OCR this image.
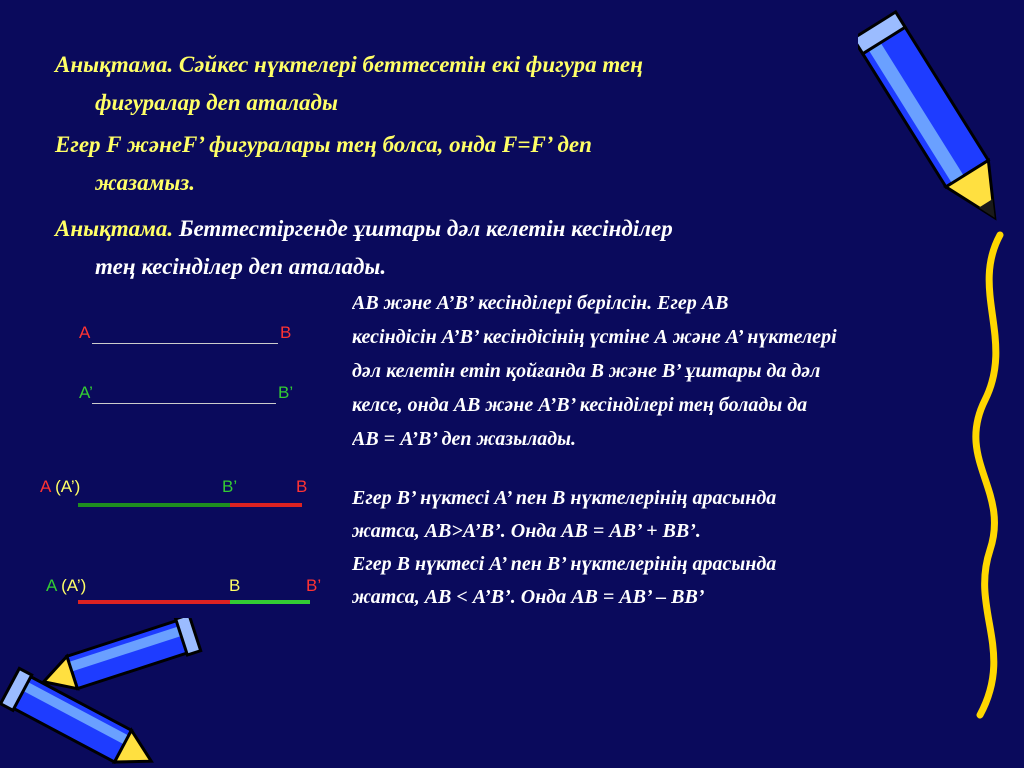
Анықтама. Сәйкес нүктелері беттесетін екі фигура тең
фигуралар деп аталады
Егер F жәнеF’ фигуралары тең болса, онда F=F’ деп
жазамыз.
Анықтама. Беттестіргенде ұштары дәл келетін кесінділер
тең кесінділер деп аталады.
АВ және А’В’ кесінділері берілсін. Егер АВ
кесіндісін А’В’ кесіндісінің үстіне А және А’ нүктелері
дәл келетін етіп қойғанда В және В’ ұштары да дәл
келсе, онда АВ және А’В’ кесінділері тең болады да
АВ = А’В’ деп жазылады.
Егер В’ нүктесі А’ пен В нүктелерінің арасында
жатса, АВ>А’В’. Онда АВ = АВ’ + ВВ’.
Егер В нүктесі А’ пен В’ нүктелерінің арасында
жатса, АВ < А’В’. Онда АВ = АВ’ – ВВ’
A	B
A’	B’
A (A’)	B’	B
A (A’)	B	B’
